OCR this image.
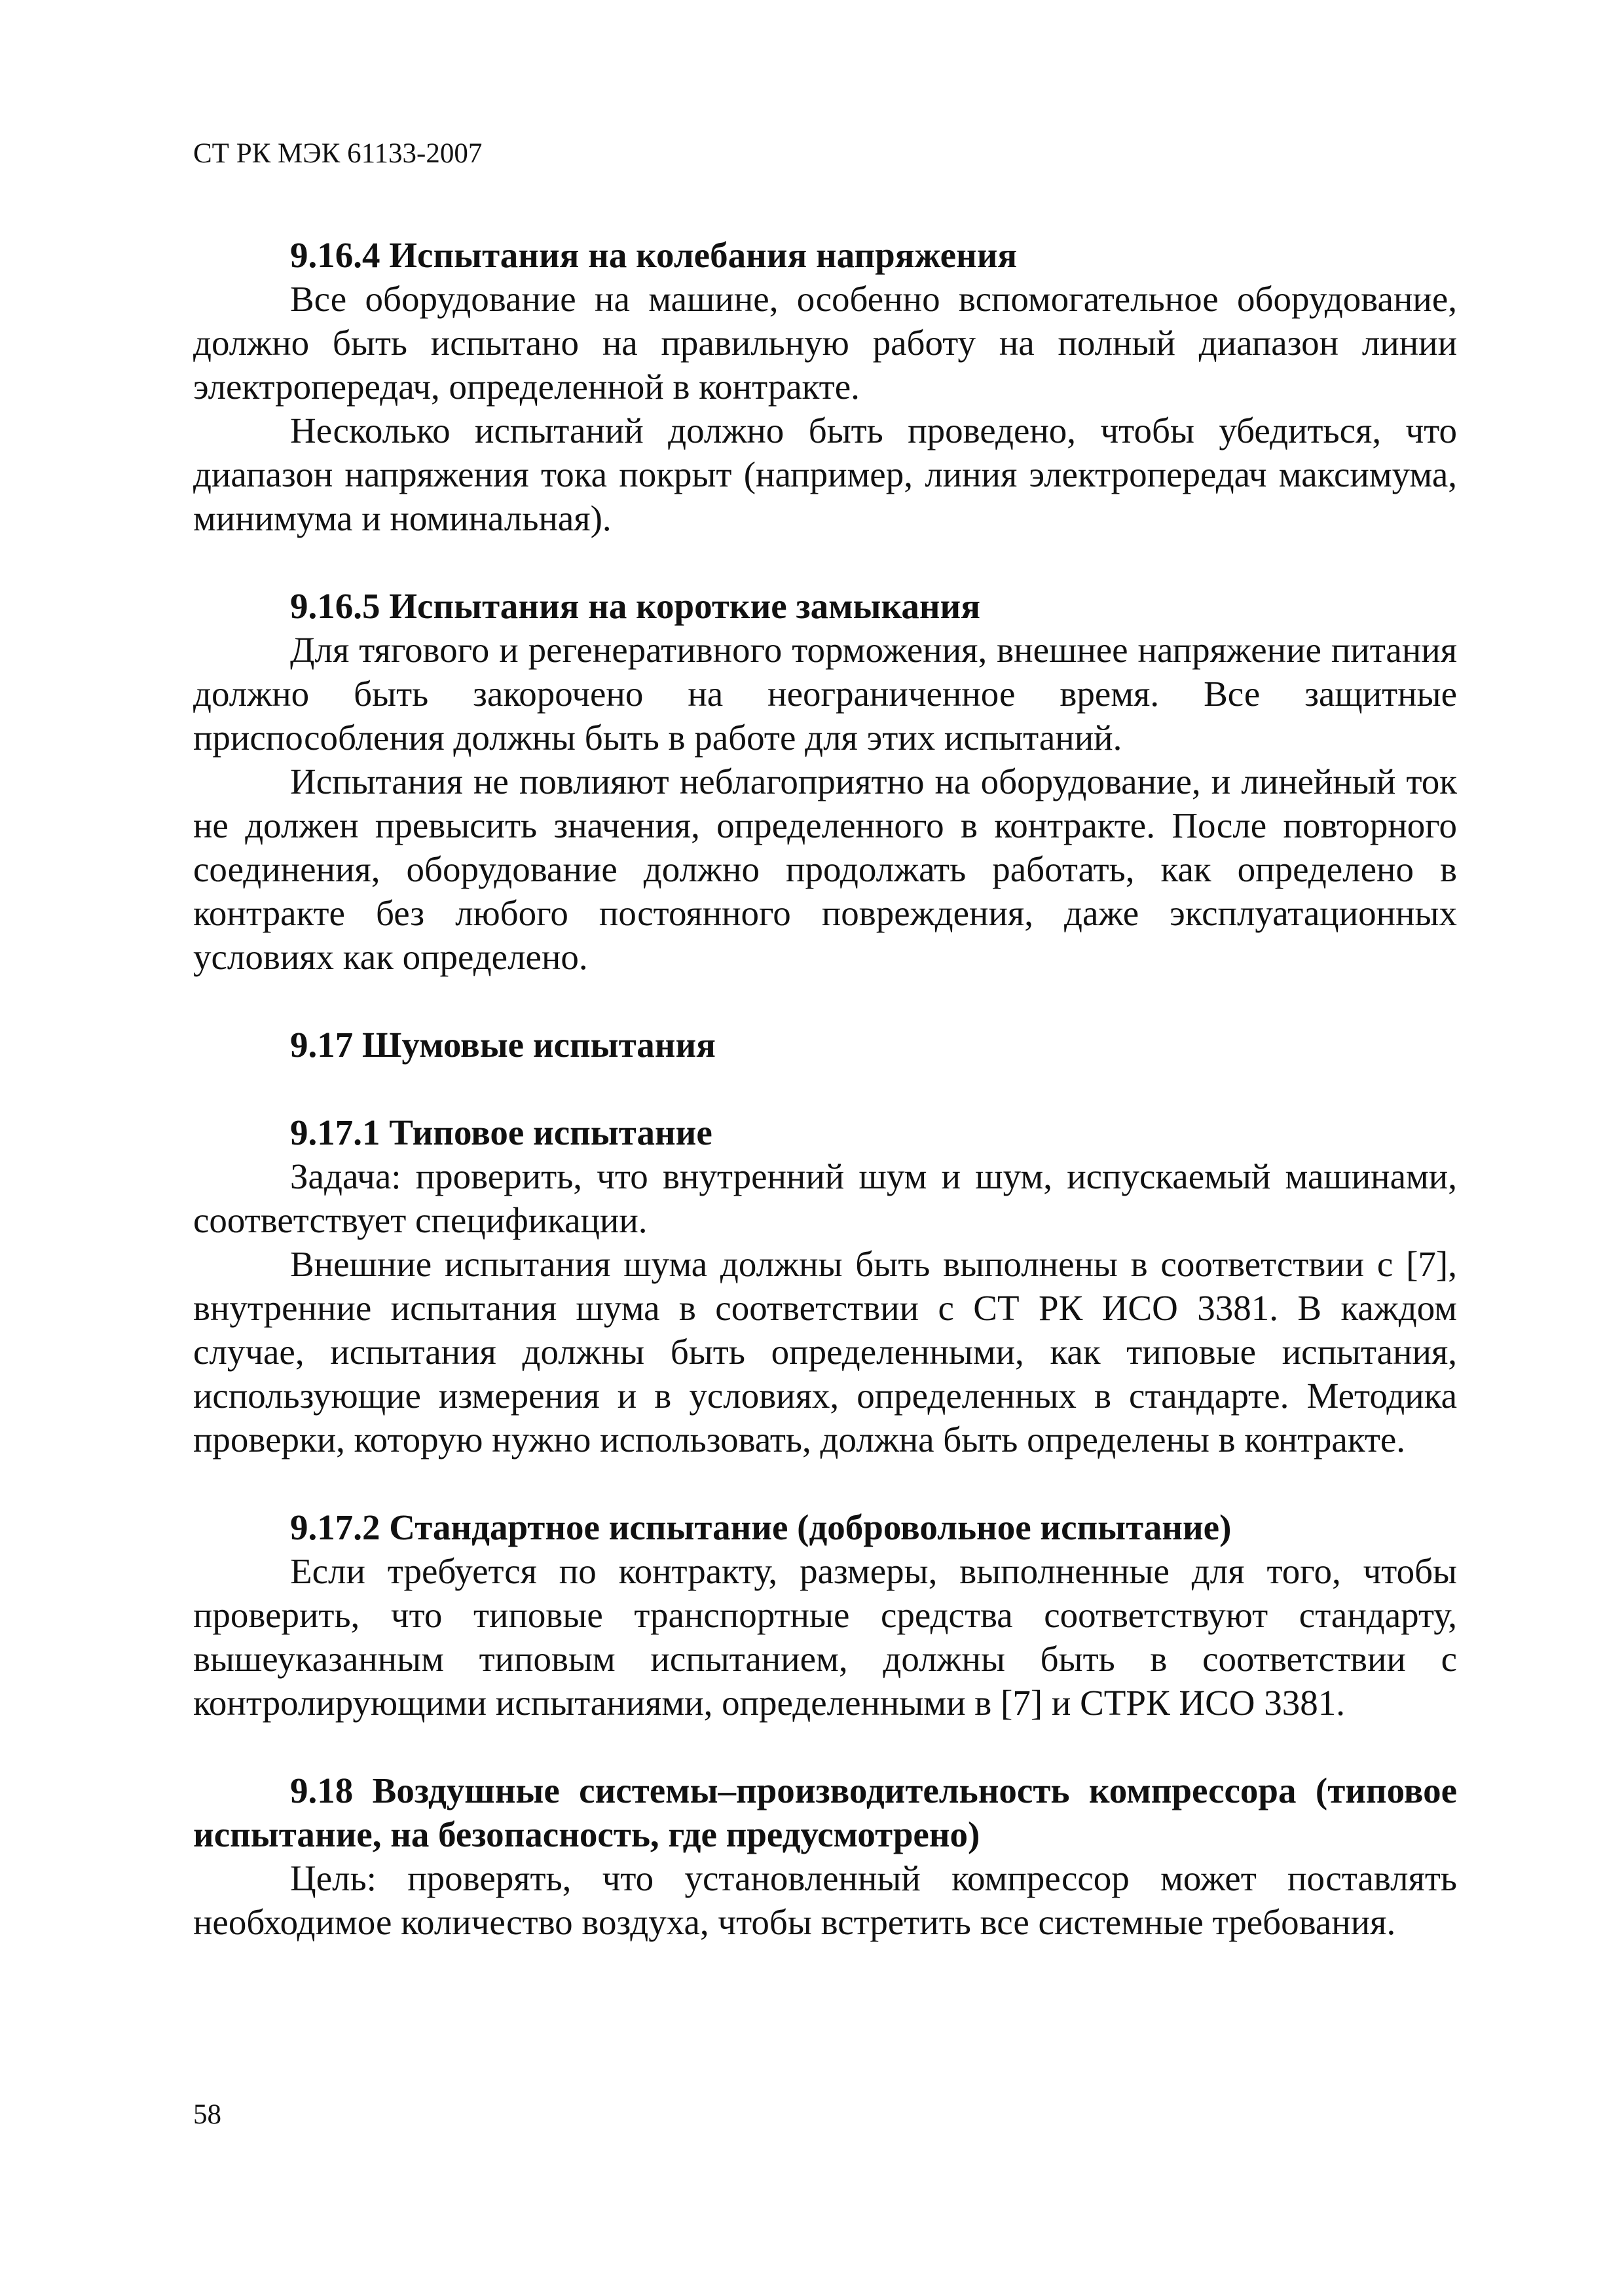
СТ РК МЭК 61133-2007
9.16.4 Испытания на колебания напряжения
Все оборудование на машине, особенно вспомогательное оборудование, должно быть испытано на правильную работу на полный диапазон линии электропередач, определенной в контракте.
Несколько испытаний должно быть проведено, чтобы убедиться, что диапазон напряжения тока покрыт (например, линия электропередач максимума, минимума и номинальная).
9.16.5 Испытания на короткие замыкания
Для тягового и регенеративного торможения, внешнее напряжение питания должно быть закорочено на неограниченное время. Все защитные приспособления должны быть в работе для этих испытаний.
Испытания не повлияют неблагоприятно на оборудование, и линейный ток не должен превысить значения, определенного в контракте. После повторного соединения, оборудование должно продолжать работать, как определено в контракте без любого постоянного повреждения, даже эксплуатационных условиях как определено.
9.17 Шумовые испытания
9.17.1 Типовое испытание
Задача: проверить, что внутренний шум и шум, испускаемый машинами, соответствует спецификации.
Внешние испытания шума должны быть выполнены в соответствии с [7], внутренние испытания шума в соответствии с СТ РК ИСО 3381. В каждом случае, испытания должны быть определенными, как типовые испытания, использующие измерения и в условиях, определенных в стандарте. Методика проверки, которую нужно использовать, должна быть определены в контракте.
9.17.2 Стандартное испытание (добровольное испытание)
Если требуется по контракту, размеры, выполненные для того, чтобы проверить, что типовые транспортные средства соответствуют стандарту, вышеуказанным типовым испытанием, должны быть в соответствии с контролирующими испытаниями, определенными в [7] и СТРК ИСО 3381.
9.18 Воздушные системы–производительность компрессора (типовое испытание, на безопасность, где предусмотрено)
Цель: проверять, что установленный компрессор может поставлять необходимое количество воздуха, чтобы встретить все системные требования.
58
